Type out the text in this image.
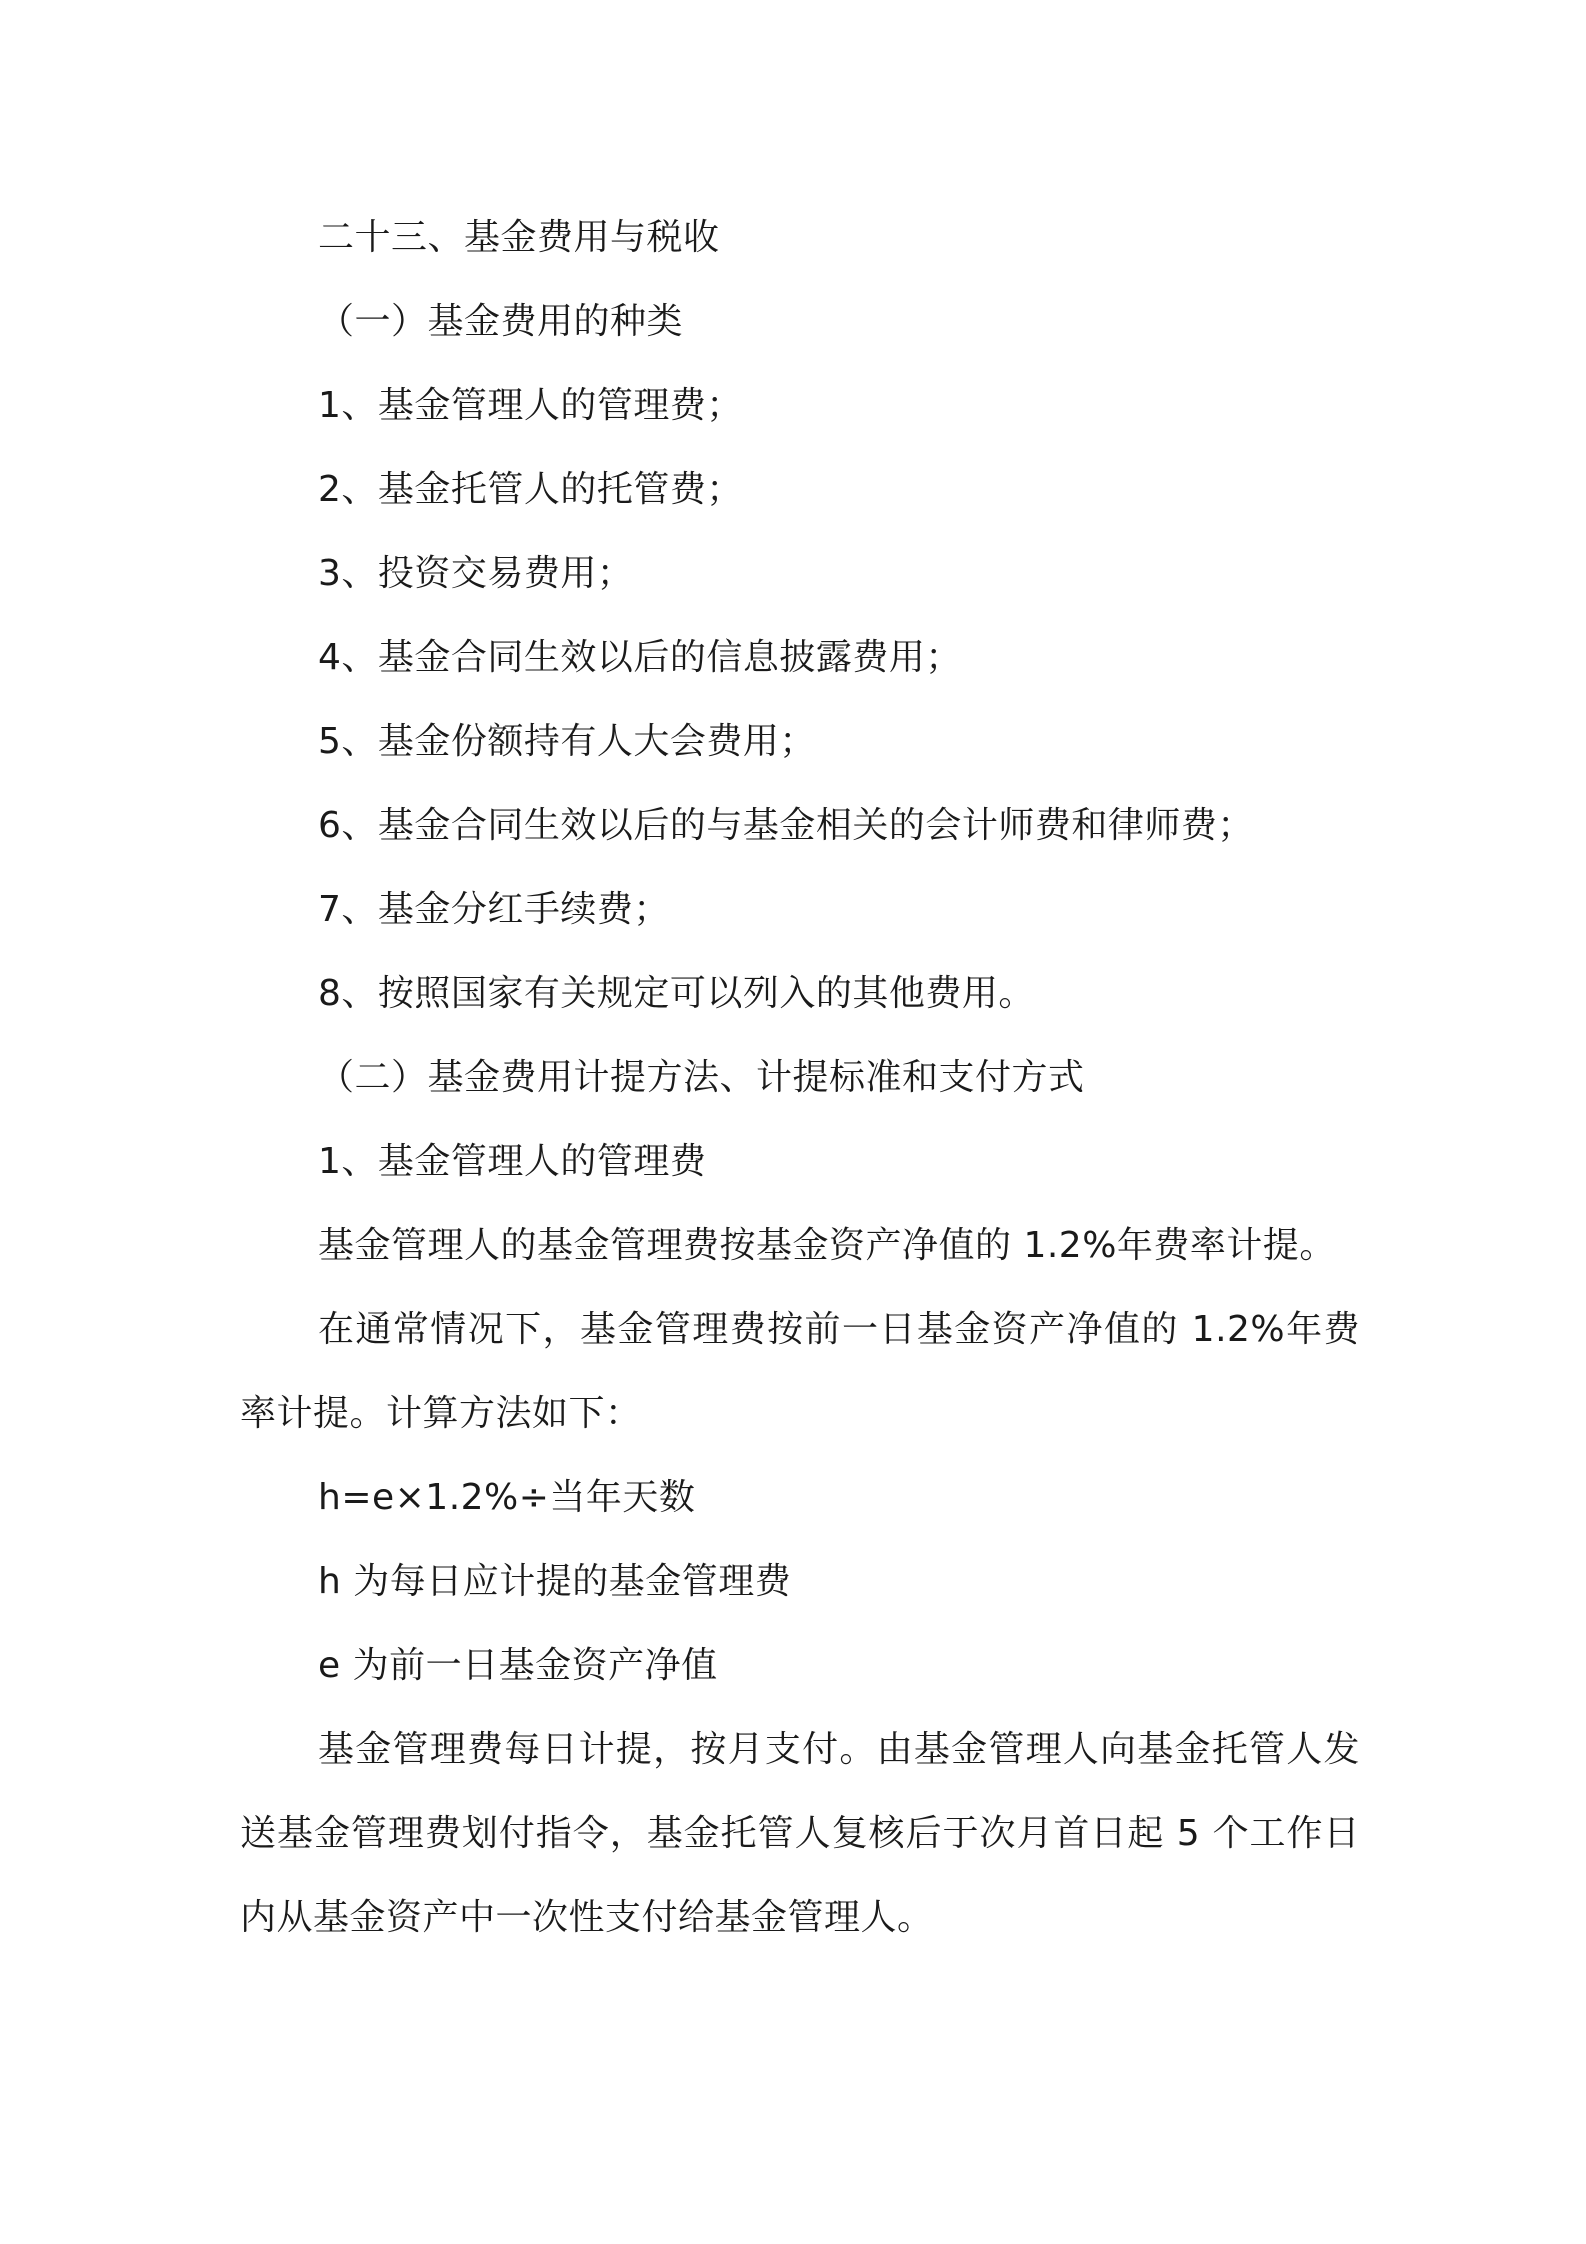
二十三、基金费用与税收
（一）基金费用的种类
1、基金管理人的管理费；
2、基金托管人的托管费；
3、投资交易费用；
4、基金合同生效以后的信息披露费用；
5、基金份额持有人大会费用；
6、基金合同生效以后的与基金相关的会计师费和律师费；
7、基金分红手续费；
8、按照国家有关规定可以列入的其他费用。
（二）基金费用计提方法、计提标准和支付方式
1、基金管理人的管理费
基金管理人的基金管理费按基金资产净值的 1.2%年费率计提。

在通常情况下，基金管理费按前一日基金资产净值的 1.2%年费率计提。计算方法如下：

h=e×1.2%÷当年天数
h 为每日应计提的基金管理费
e 为前一日基金资产净值

基金管理费每日计提，按月支付。由基金管理人向基金托管人发送基金管理费划付指令，基金托管人复核后于次月首日起 5 个工作日内从基金资产中一次性支付给基金管理人。
